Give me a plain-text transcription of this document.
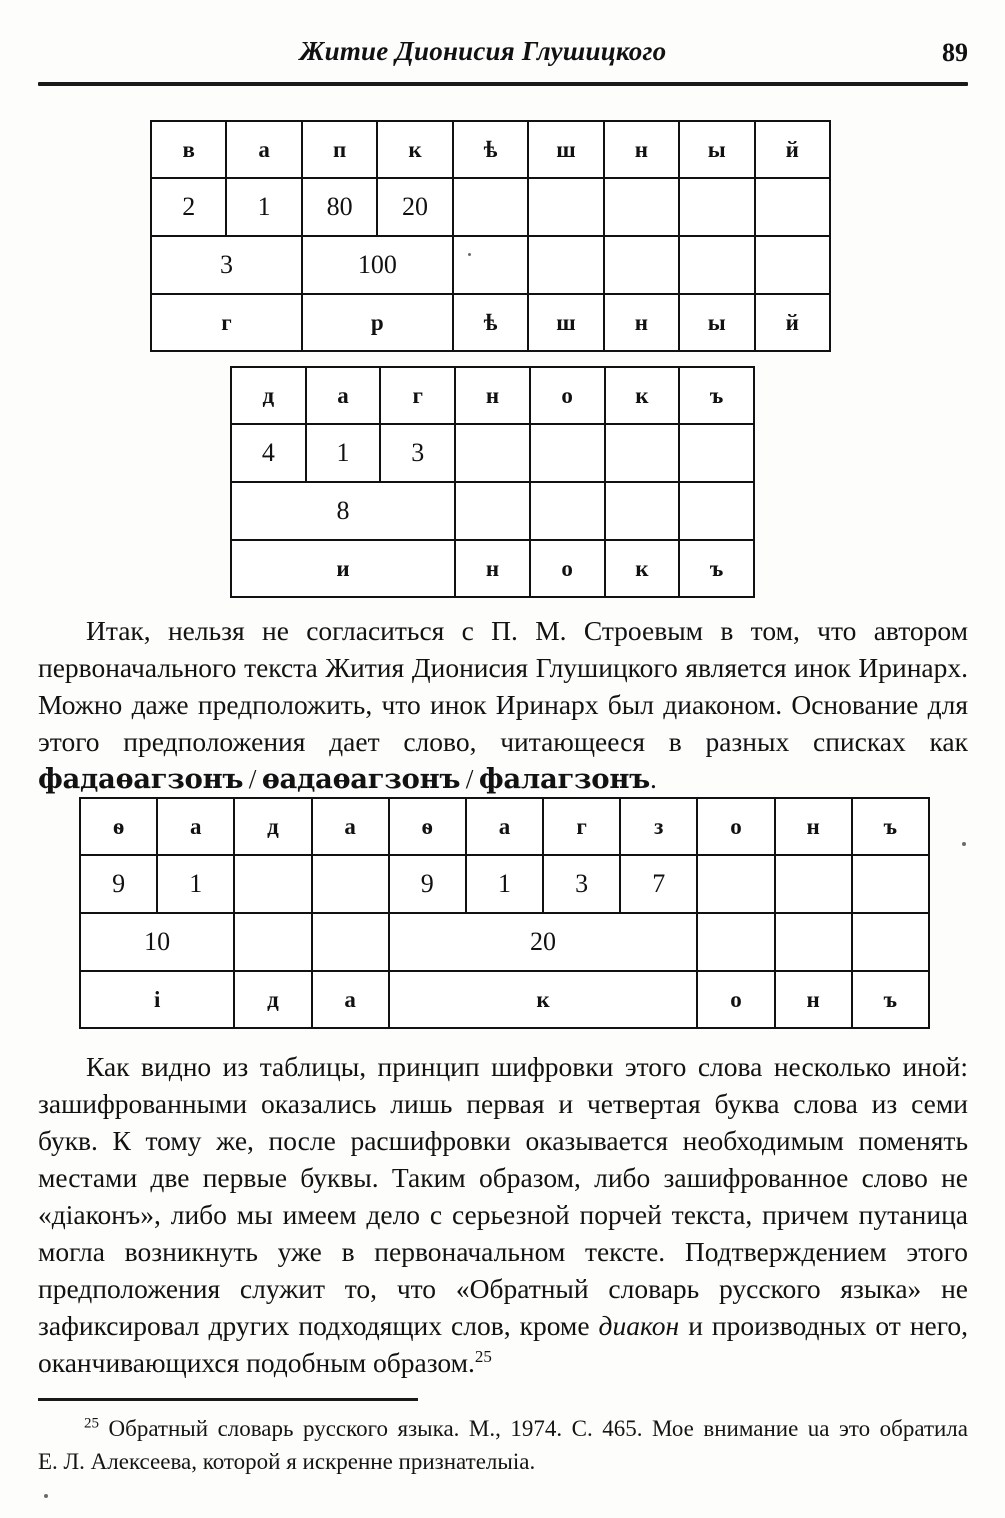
Житие Дионисия Глушицкого	89
в	а	п	к	ѣ	ш	н	ы	й
2	1	80	20					
3		100						
г		р		ѣ	ш	н	ы	й
д	а	г	н	о	к	ъ
4	1	3				
8						
и			н	о	к	ъ
ѳ	а	д	а	ѳ	а	г	з	о	н	ъ
9	1			9	1	3	7			
10				20						
і		д	а	к				о	н	ъ
Итак, нельзя не согласиться с П. М. Строевым в том, что автором первоначального текста Жития Дионисия Глушицкого является инок Иринарх. Можно даже предположить, что инок Иринарх был диаконом. Основание для этого предположения дает слово, читающееся в разных списках как фадаѳагзонъ / ѳадаѳагзонъ / фалагзонъ.
Как видно из таблицы, принцип шифровки этого слова несколько иной: зашифрованными оказались лишь первая и четвертая буква слова из семи букв. К тому же, после расшифровки оказывается необходимым поменять местами две первые буквы. Таким образом, либо зашифрованное слово не «діаконъ», либо мы имеем дело с серьезной порчей текста, причем путаница могла возникнуть уже в первоначальном тексте. Подтверждением этого предположения служит то, что «Обратный словарь русского языка» не зафиксировал других подходящих слов, кроме диакон и производных от него, оканчивающихся подобным образом.$^{25}$
$^{25}$ Обратный словарь русского языка. М., 1974. С. 465. Мое внимание ua это обратила Е. Л. Алексеева, которой я искренне признателыіа.
